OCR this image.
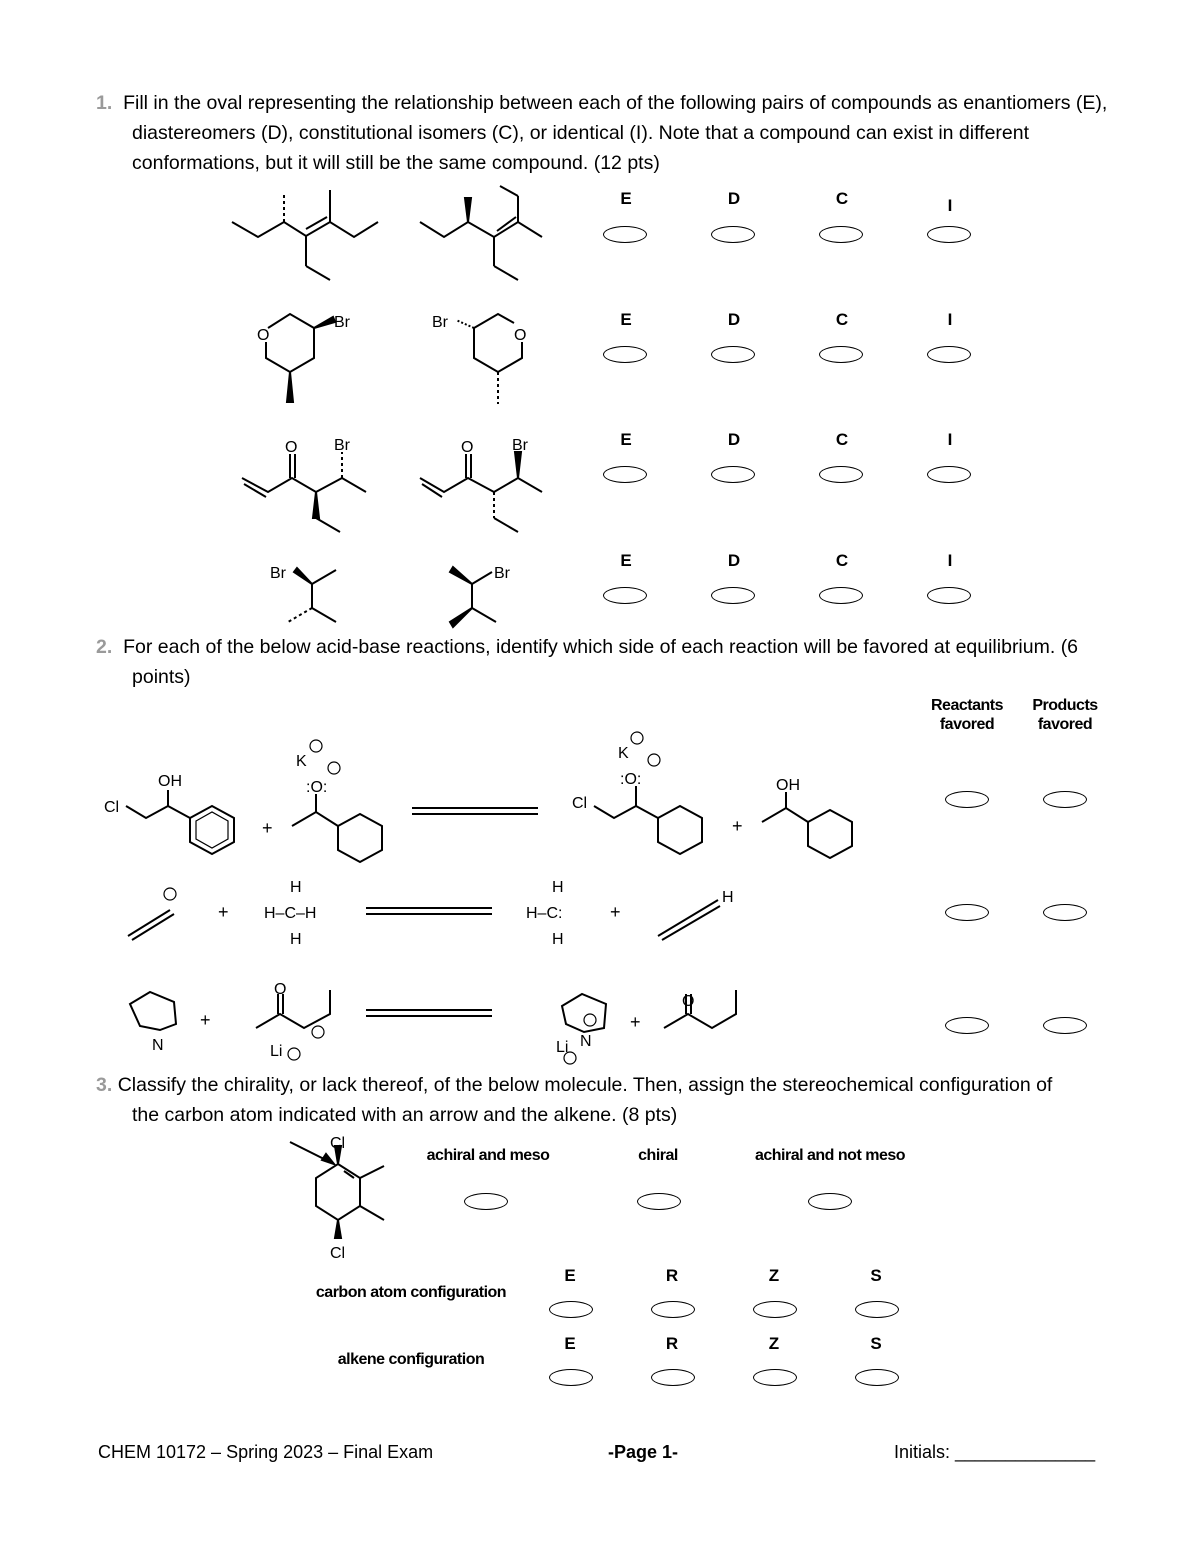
1. Fill in the oval representing the relationship between each of the following pairs of compounds as enantiomers (E), diastereomers (D), constitutional isomers (C), or identical (I). Note that a compound can exist in different conformations, but it will still be the same compound. (12 pts)
2. For each of the below acid-base reactions, identify which side of each reaction will be favored at equilibrium. (6 points)
3. Classify the chirality, or lack thereof, of the below molecule. Then, assign the stereochemical configuration of the carbon atom indicated with an arrow and the alkene. (8 pts)
O
Br
O
Br
O Br	O Br
Br	Br
Cl
OH
+
:O:
K
Cl
:O:
K
+
OH
+ H–C–H
H
H
H–C:
H
H
+
H
N
+
O
Li
N
Li
+
O
Cl
Cl
E	D	C	I
E	D	C	I
E	D	C	I
E	D	C	I
Reactants favored
Products favored
achiral and meso	chiral	achiral and not meso
carbon atom configuration
E	R	Z	S
alkene configuration
E	R	Z	S
CHEM 10172 – Spring 2023 – Final Exam	-Page 1-	Initials: ______________
